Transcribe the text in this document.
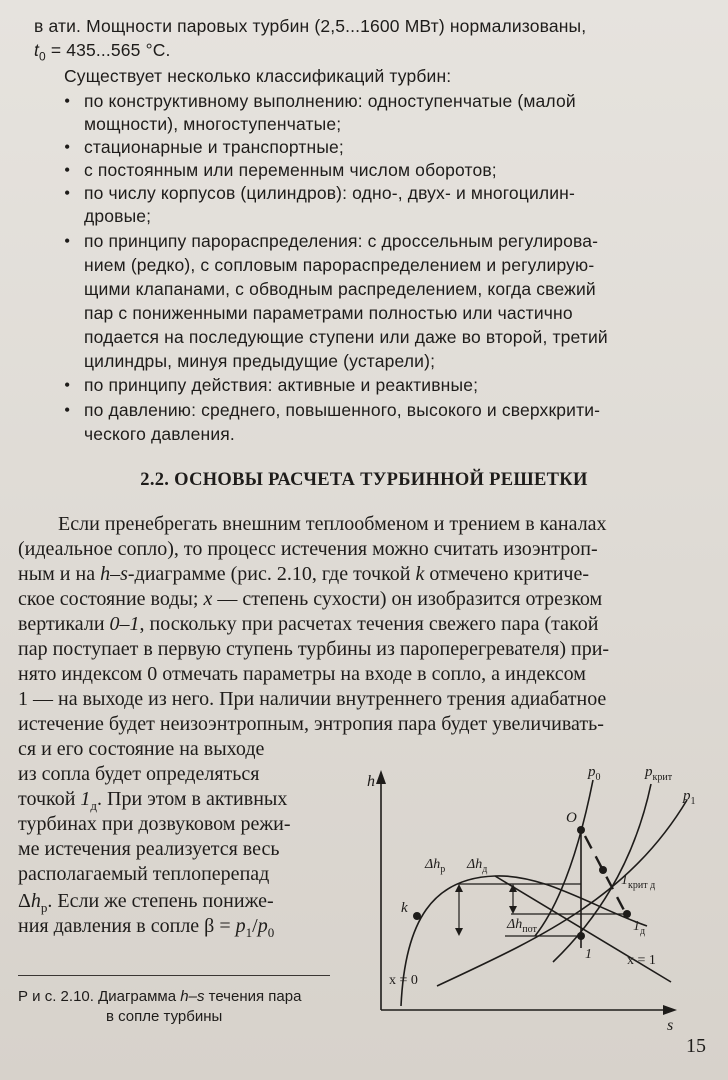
в ати. Мощности паровых турбин (2,5...1600 МВт) нормализованы,
$t_0 = 435...565$ °С.
Существует несколько классификаций турбин:
• по конструктивному выполнению: одноступенчатые (малой
мощности), многоступенчатые;
• стационарные и транспортные;
• с постоянным или переменным числом оборотов;
• по числу корпусов (цилиндров): одно-, двух- и многоцилин-
дровые;
• по принципу парораспределения: с дроссельным регулирова-
нием (редко), с сопловым парораспределением и регулирую-
щими клапанами, с обводным распределением, когда свежий
пар с пониженными параметрами полностью или частично
подается на последующие ступени или даже во второй, третий
цилиндры, минуя предыдущие (устарели);
• по принципу действия: активные и реактивные;
• по давлению: среднего, повышенного, высокого и сверхкрити-
ческого давления.
2.2. ОСНОВЫ РАСЧЕТА ТУРБИННОЙ РЕШЕТКИ
Если пренебрегать внешним теплообменом и трением в каналах
(идеальное сопло), то процесс истечения можно считать изоэнтроп-
ным и на h–s-диаграмме (рис. 2.10, где точкой k отмечено критиче-
ское состояние воды; x — степень сухости) он изобразится отрезком
вертикали 0–1, поскольку при расчетах течения свежего пара (такой
пар поступает в первую ступень турбины из пароперегревателя) при-
нято индексом 0 отмечать параметры на входе в сопло, а индексом
1 — на выходе из него. При наличии внутреннего трения адиабатное
истечение будет неизоэнтропным, энтропия пара будет увеличивать-
ся и его состояние на выходе
из сопла будет определяться
точкой $1_д$. При этом в активных
турбинах при дозвуковом режи-
ме истечения реализуется весь
располагаемый теплоперепад
$\Delta h_р$. Если же степень пониже-
ния давления в сопле $\beta = p_1/p_0$
h
s
$p_0$	$p_{крит}$
$p_1$
O
k
$\Delta h_р$ $\Delta h_д$
$\Delta h_{пот}$
$1_{крит д}$
$1_д$
1
x = 0
x = 1
Р и с. 2.10. Диаграмма h–s течения пара
в сопле турбины
15
